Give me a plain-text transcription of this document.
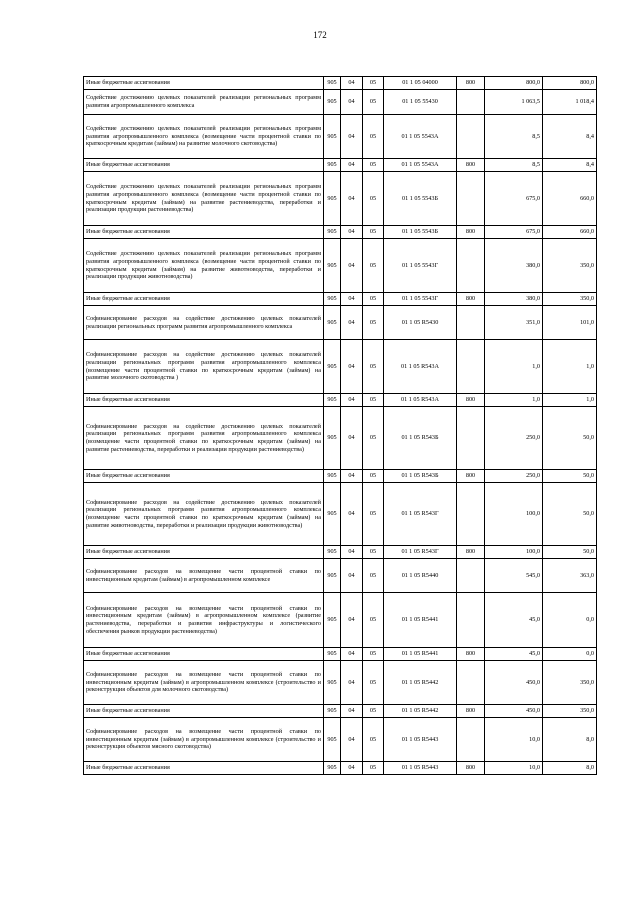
172
Иные бюджетные ассигнования	905	04	05	01 1 05 04000	800	800,0	800,0
Содействие достижению целевых показателей реализации региональных программ развития агропромышленного комплекса	905	04	05	01 1 05 55430		1 063,5	1 018,4
Содействие достижению целевых показателей реализации региональных программ развития агропромышленного комплекса (возмещение части процентной ставки по краткосрочным кредитам (займам) на развитие молочного скотоводства)	905	04	05	01 1 05 5543А		8,5	8,4
Иные бюджетные ассигнования	905	04	05	01 1 05 5543А	800	8,5	8,4
Содействие достижению целевых показателей реализации региональных программ развития агропромышленного комплекса (возмещение части процентной ставки по краткосрочным кредитам (займам) на развитие растениеводства, переработки и реализации продукции растениеводства)	905	04	05	01 1 05 5543Б		675,0	660,0
Иные бюджетные ассигнования	905	04	05	01 1 05 5543Б	800	675,0	660,0
Содействие достижению целевых показателей реализации региональных программ развития агропромышленного комплекса (возмещение части процентной ставки по краткосрочным кредитам (займам) на развитие животноводства, переработки и реализации продукции животноводства)	905	04	05	01 1 05 5543Г		380,0	350,0
Иные бюджетные ассигнования	905	04	05	01 1 05 5543Г	800	380,0	350,0
Софинансирование расходов на содействие достижению целевых показателей реализации региональных программ развития агропромышленного комплекса	905	04	05	01 1 05 R5430		351,0	101,0
Софинансирование расходов на содействие достижению целевых показателей реализации региональных программ развития агропромышленного комплекса (возмещение части процентной ставки по краткосрочным кредитам (займам) на развитие молочного скотоводства )	905	04	05	01 1 05 R543А		1,0	1,0
Иные бюджетные ассигнования	905	04	05	01 1 05 R543А	800	1,0	1,0
Софинансирование расходов на содействие достижению целевых показателей реализации региональных программ развития агропромышленного комплекса (возмещение части процентной ставки по краткосрочным кредитам (займам) на развитие растениеводства, переработки и реализации продукции растениеводства)	905	04	05	01 1 05 R543Б		250,0	50,0
Иные бюджетные ассигнования	905	04	05	01 1 05 R543Б	800	250,0	50,0
Софинансирование расходов на содействие достижению целевых показателей реализации региональных программ развития агропромышленного комплекса (возмещение части процентной ставки по краткосрочным кредитам (займам) на развитие животноводства, переработки и реализации продукции животноводства)	905	04	05	01 1 05 R543Г		100,0	50,0
Иные бюджетные ассигнования	905	04	05	01 1 05 R543Г	800	100,0	50,0
Софинансирование расходов на возмещение части процентной ставки по инвестиционным кредитам (займам) в агропромышленном комплексе	905	04	05	01 1 05 R5440		545,0	363,0
Софинансирование расходов на возмещение части процентной ставки по инвестиционным кредитам (займам) в агропромышленном комплексе (развитие растениеводства, переработки и развития инфраструктуры и логистического обеспечения рынков продукции растениеводства)	905	04	05	01 1 05 R5441		45,0	0,0
Иные бюджетные ассигнования	905	04	05	01 1 05 R5441	800	45,0	0,0
Софинансирование расходов на возмещение части процентной ставки по инвестиционным кредитам (займам) в агропромышленном комплексе (строительство и реконструкция объектов для молочного скотоводства)	905	04	05	01 1 05 R5442		450,0	350,0
Иные бюджетные ассигнования	905	04	05	01 1 05 R5442	800	450,0	350,0
Софинансирование расходов на возмещение части процентной ставки по инвестиционным кредитам (займам) в агропромышленном комплексе (строительство и реконструкция объектов мясного скотоводства)	905	04	05	01 1 05 R5443		10,0	8,0
Иные бюджетные ассигнования	905	04	05	01 1 05 R5443	800	10,0	8,0
